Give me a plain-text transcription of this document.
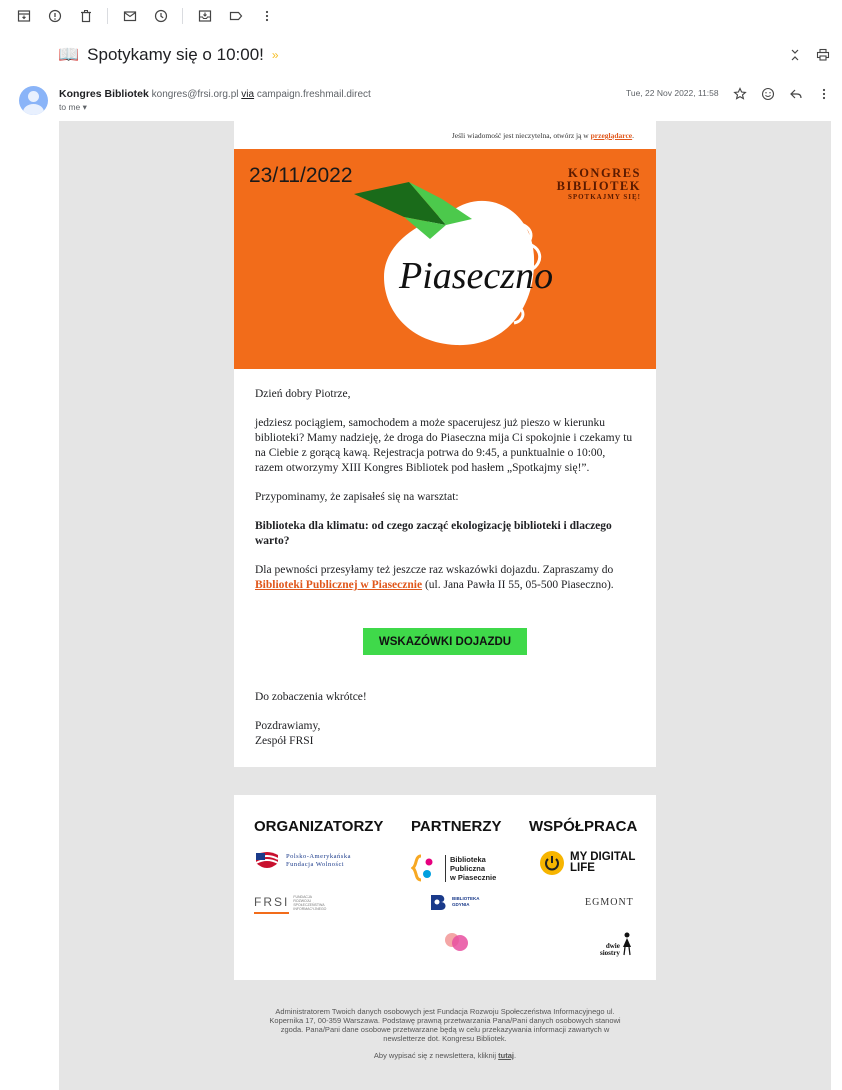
📖 Spotykamy się o 10:00! »
Kongres Bibliotek kongres@frsi.org.pl via campaign.freshmail.direct
to me ▾
Tue, 22 Nov 2022, 11:58
Jeśli wiadomość jest nieczytelna, otwórz ją w przeglądarce.
23/11/2022	KONGRES
BIBLIOTEK
SPOTKAJMY SIĘ!
Piaseczno

Dzień dobry Piotrze,

jedziesz pociągiem, samochodem a może spacerujesz już pieszo w kierunku biblioteki? Mamy nadzieję, że droga do Piaseczna mija Ci spokojnie i czekamy tu na Ciebie z gorącą kawą. Rejestracja potrwa do 9:45, a punktualnie o 10:00, razem otworzymy XIII Kongres Bibliotek pod hasłem „Spotkajmy się!”.

Przypominamy, że zapisałeś się na warsztat:

Biblioteka dla klimatu: od czego zacząć ekologizację biblioteki i dlaczego warto?

Dla pewności przesyłamy też jeszcze raz wskazówki dojazdu. Zapraszamy do Biblioteki Publicznej w Piasecznie (ul. Jana Pawła II 55, 05-500 Piaseczno).

WSKAZÓWKI DOJAZDU

Do zobaczenia wkrótce!

Pozdrawiamy,
Zespół FRSI
ORGANIZATORZY PARTNERZY WSPÓŁPRACA
Polsko-Amerykańska
Fundacja Wolności
FRSI FUNDACJA
ROZWOJU
SPOŁECZEŃSTWA
INFORMACYJNEGO
Biblioteka
Publiczna
w Piasecznie
BIBLIOTEKA
GDYNIA
MY DIGITAL
LIFE
EGMONT
dwie
siostry
Administratorem Twoich danych osobowych jest Fundacja Rozwoju Społeczeństwa Informacyjnego ul. Kopernika 17, 00-359 Warszawa. Podstawę prawną przetwarzania Pana/Pani danych osobowych stanowi zgoda. Pana/Pani dane osobowe przetwarzane będą w celu przekazywania informacji zawartych w newsletterze dot. Kongresu Bibliotek.
Aby wypisać się z newslettera, kliknij tutaj.
